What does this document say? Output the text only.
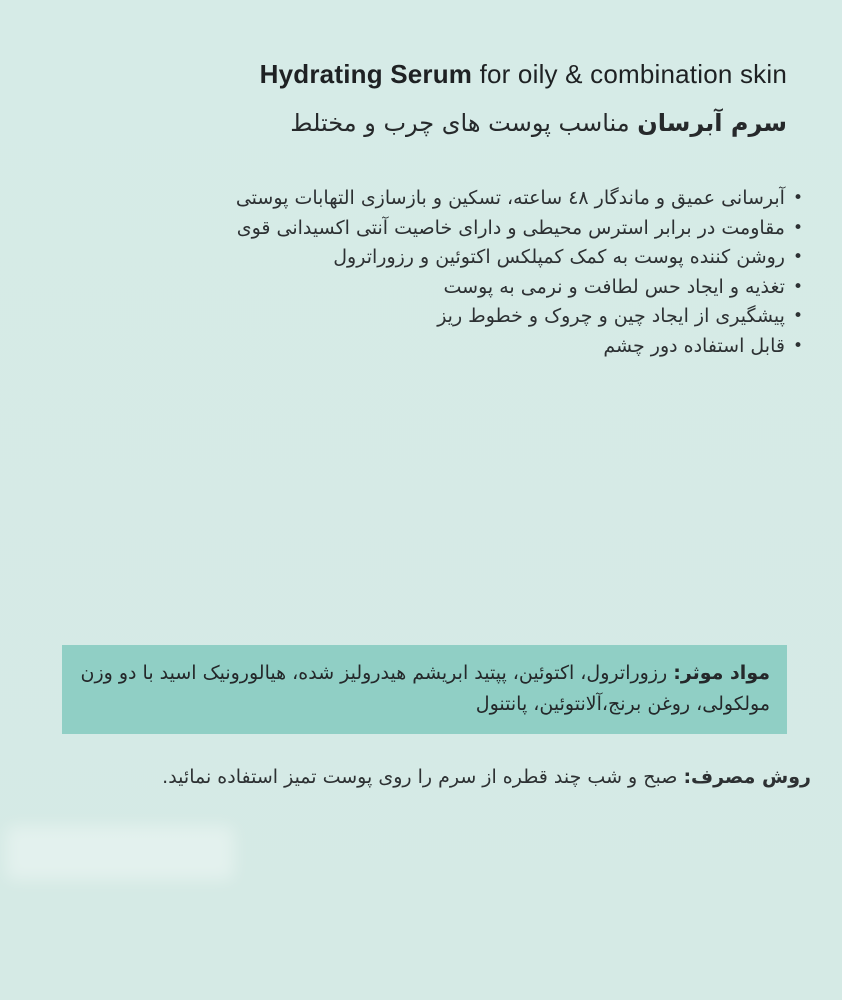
Hydrating Serum for oily & combination skin
سرم آبرسان مناسب پوست های چرب و مختلط
• آبرسانی عمیق و ماندگار ٤٨ ساعته، تسکین و بازسازی التهابات پوستی
• مقاومت در برابر استرس محیطی و دارای خاصیت آنتی اکسیدانی قوی
• روشن کننده پوست به کمک کمپلکس اکتوئین و رزوراترول
• تغذیه و ایجاد حس لطافت و نرمی به پوست
• پیشگیری از ایجاد چین و چروک و خطوط ریز
• قابل استفاده دور چشم
مواد موثر: رزوراترول، اکتوئین، پپتید ابریشم هیدرولیز شده، هیالورونیک اسید با دو وزن مولکولی، روغن برنج،آلانتوئین، پانتنول
روش مصرف: صبح و شب چند قطره از سرم را روی پوست تمیز استفاده نمائید.
